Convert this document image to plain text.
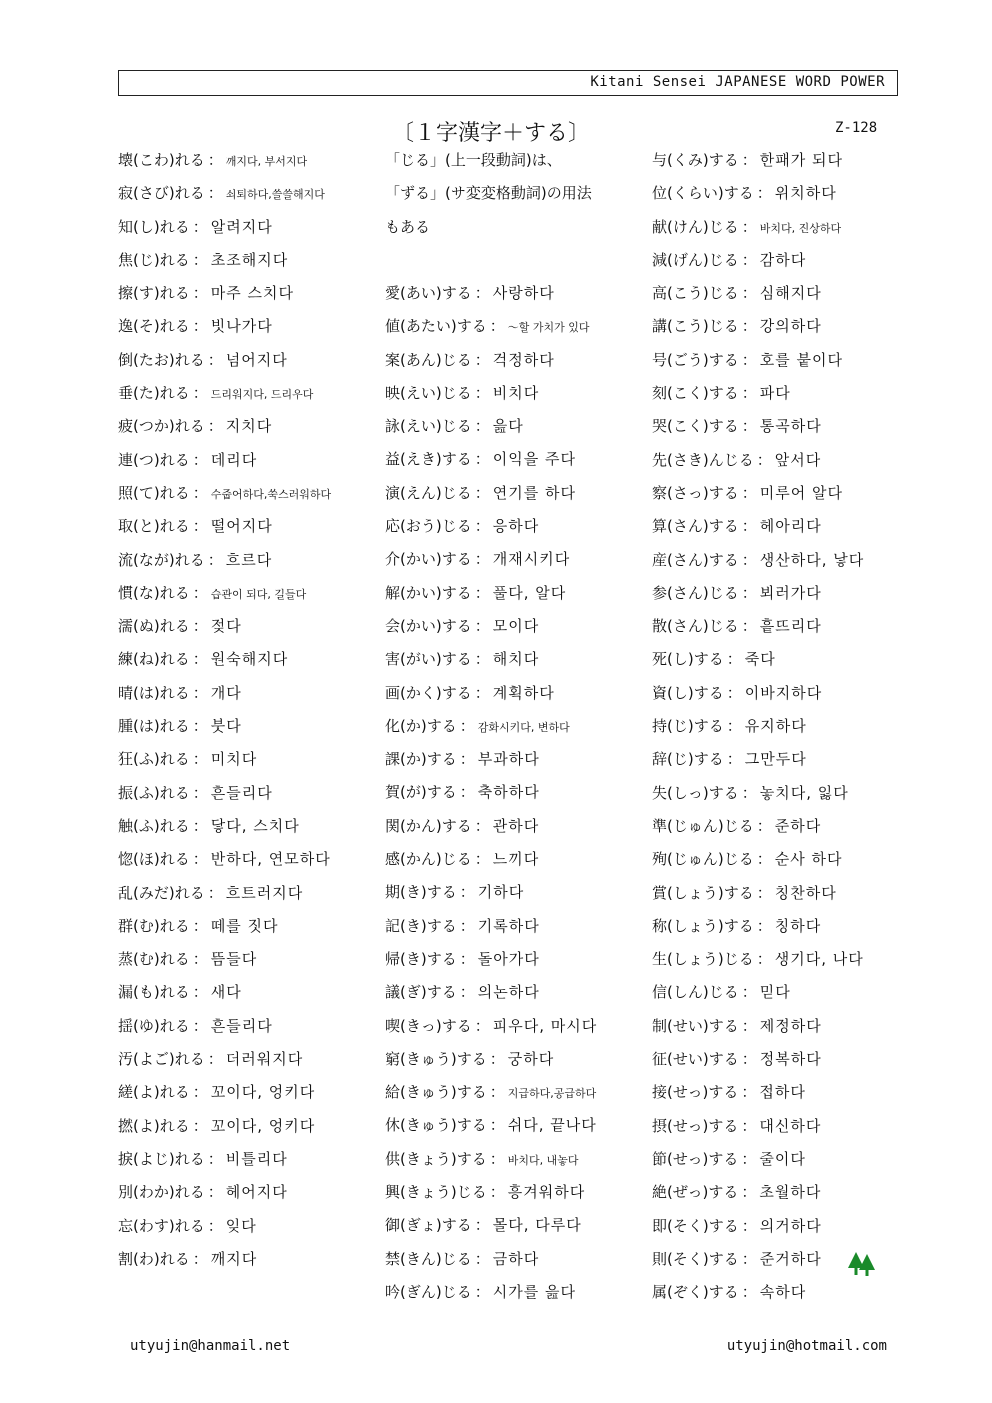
Kitani Sensei JAPANESE WORD POWER
〔１字漢字＋する〕	Z-128
「じる」(上一段動詞)は、
「ずる」(サ変変格動詞)の用法
もある
壊(こわ)れる ： 깨지다, 부서지다
寂(さび)れる ： 쇠퇴하다,쓸쓸해지다
知(し)れる ： 알려지다
焦(じ)れる ： 초조해지다
擦(す)れる ： 마주 스치다
逸(そ)れる ： 빗나가다
倒(たお)れる ： 넘어지다
垂(た)れる ： 드리워지다, 드리우다
疲(つか)れる ： 지치다
連(つ)れる ： 데리다
照(て)れる ： 수줍어하다,쑥스러워하다
取(と)れる ： 떨어지다
流(なが)れる ： 흐르다
慣(な)れる ： 습관이 되다, 길들다
濡(ぬ)れる ： 젖다
練(ね)れる ： 원숙해지다
晴(は)れる ： 개다
腫(は)れる ： 붓다
狂(ふ)れる ： 미치다
振(ふ)れる ： 흔들리다
触(ふ)れる ： 닿다, 스치다
惚(ほ)れる ： 반하다, 연모하다
乱(みだ)れる ： 흐트러지다
群(む)れる ： 떼를 짓다
蒸(む)れる ： 뜸들다
漏(も)れる ： 새다
揺(ゆ)れる ： 흔들리다
汚(よご)れる ： 더러워지다
縒(よ)れる ： 꼬이다, 엉키다
撚(よ)れる ： 꼬이다, 엉키다
捩(よじ)れる ： 비틀리다
別(わか)れる ： 헤어지다
忘(わす)れる ： 잊다
割(わ)れる ： 깨지다
愛(あい)する ： 사랑하다
値(あたい)する ： ～할 가치가 있다
案(あん)じる ： 걱정하다
映(えい)じる ： 비치다
詠(えい)じる ： 읊다
益(えき)する ： 이익을 주다
演(えん)じる ： 연기를 하다
応(おう)じる ： 응하다
介(かい)する ： 개재시키다
解(かい)する ： 풀다, 알다
会(かい)する ： 모이다
害(がい)する ： 해치다
画(かく)する ： 계획하다
化(か)する ： 감화시키다, 변하다
課(か)する ： 부과하다
賀(が)する ： 축하하다
関(かん)する ： 관하다
感(かん)じる ： 느끼다
期(き)する ： 기하다
記(き)する ： 기록하다
帰(き)する ： 돌아가다
議(ぎ)する ： 의논하다
喫(きっ)する ： 피우다, 마시다
窮(きゅう)する ： 궁하다
給(きゅう)する ： 지급하다,공급하다
休(きゅう)する ： 쉬다, 끝나다
供(きょう)する ： 바치다, 내놓다
興(きょう)じる ： 흥겨워하다
御(ぎょ)する ： 몰다, 다루다
禁(きん)じる ： 금하다
吟(ぎん)じる ： 시가를 읊다
与(くみ)する ： 한패가 되다
位(くらい)する ： 위치하다
献(けん)じる ： 바치다, 진상하다
減(げん)じる ： 감하다
高(こう)じる ： 심해지다
講(こう)じる ： 강의하다
号(ごう)する ： 호를 붙이다
刻(こく)する ： 파다
哭(こく)する ： 통곡하다
先(さき)んじる ： 앞서다
察(さっ)する ： 미루어 알다
算(さん)する ： 헤아리다
産(さん)する ： 생산하다, 낳다
参(さん)じる ： 뵈러가다
散(さん)じる ： 흩뜨리다
死(し)する ： 죽다
資(し)する ： 이바지하다
持(じ)する ： 유지하다
辞(じ)する ： 그만두다
失(しっ)する ： 놓치다, 잃다
準(じゅん)じる ： 준하다
殉(じゅん)じる ： 순사 하다
賞(しょう)する ： 칭찬하다
称(しょう)する ： 칭하다
生(しょう)じる ： 생기다, 나다
信(しん)じる ： 믿다
制(せい)する ： 제정하다
征(せい)する ： 정복하다
接(せっ)する ： 접하다
摂(せっ)する ： 대신하다
節(せっ)する ： 줄이다
絶(ぜっ)する ： 초월하다
即(そく)する ： 의거하다
則(そく)する ： 준거하다
属(ぞく)する ： 속하다
utyujin@hanmail.net	utyujin@hotmail.com
